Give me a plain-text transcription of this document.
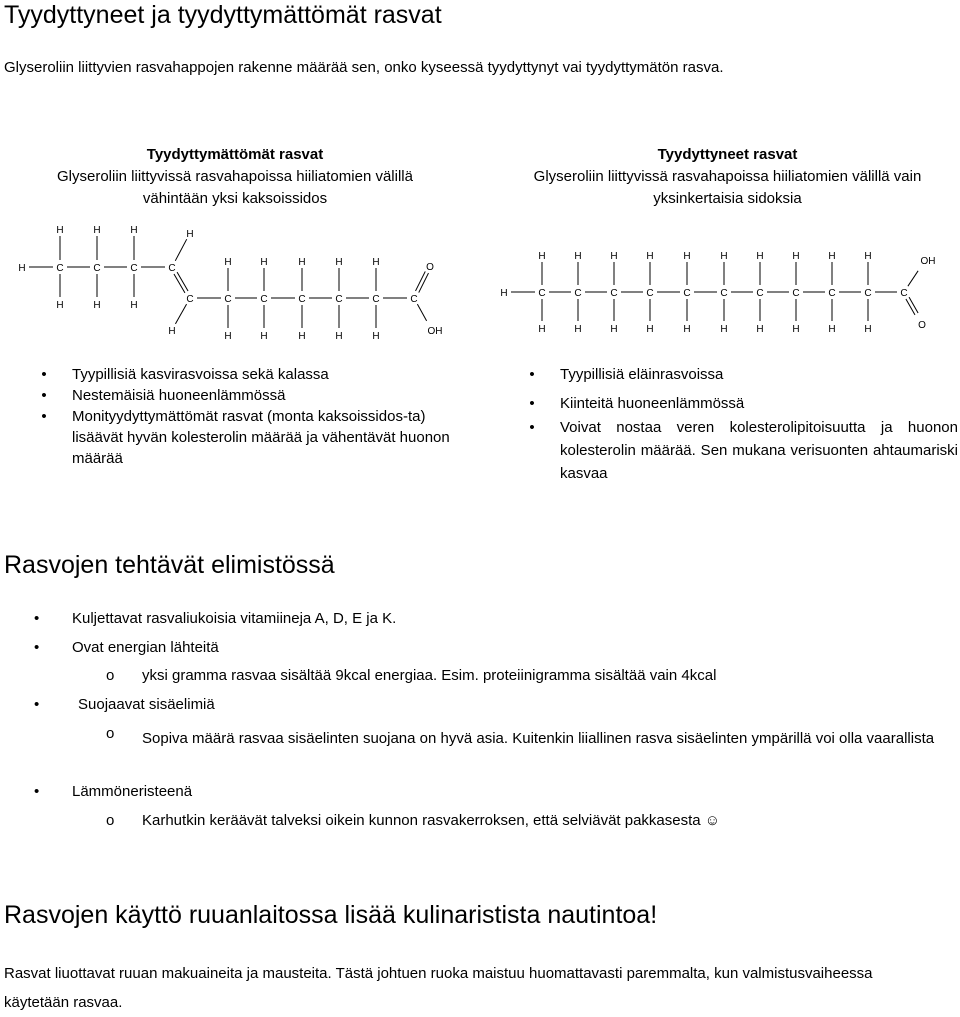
Tyydyttyneet ja tyydyttymättömät rasvat
Glyseroliin liittyvien rasvahappojen rakenne määrää sen, onko kyseessä tyydyttynyt vai tyydyttymätön rasva.
Tyydyttymättömät rasvat
Glyseroliin liittyvissä rasvahapoissa hiiliatomien välillä
vähintään yksi kaksoissidos
Tyydyttyneet rasvat
Glyseroliin liittyvissä rasvahapoissa hiiliatomien välillä vain
yksinkertaisia sidoksia
H	C	C	C	C
H
H
H
H
H
H
H
H
C	C	C	C	C	C	C
H
H
H
H
H
H
H
H
H
H
O
OH
H	C
H
H
C
H
H
C
H
H
C
H
H
C
H
H
C
H
H
C
H
H
C
H
H
C
H
H
C
H
H
C
OH
O
• Tyypillisiä kasvirasvoissa sekä kalassa
• Nestemäisiä huoneenlämmössä
• Monityydyttymättömät rasvat (monta kaksoissidos-ta) lisäävät hyvän kolesterolin määrää ja vähentävät huonon määrää
• Tyypillisiä eläinrasvoissa
• Kiinteitä huoneenlämmössä
• Voivat nostaa veren kolesterolipitoisuutta ja huonon kolesterolin määrää. Sen mukana verisuonten ahtaumariski kasvaa
Rasvojen tehtävät elimistössä
• Kuljettavat rasvaliukoisia vitamiineja A, D, E ja K.
• Ovat energian lähteitä
o yksi gramma rasvaa sisältää 9kcal energiaa. Esim. proteiinigramma sisältää vain 4kcal
•	Suojaavat sisäelimiä
o Sopiva määrä rasvaa sisäelinten suojana on hyvä asia. Kuitenkin liiallinen rasva sisäelinten ympärillä voi olla vaarallista
• Lämmöneristeenä
o Karhutkin keräävät talveksi oikein kunnon rasvakerroksen, että selviävät pakkasesta ☺
Rasvojen käyttö ruuanlaitossa lisää kulinaristista nautintoa!
Rasvat liuottavat ruuan makuaineita ja mausteita. Tästä johtuen ruoka maistuu huomattavasti paremmalta, kun valmistusvaiheessa käytetään rasvaa.
